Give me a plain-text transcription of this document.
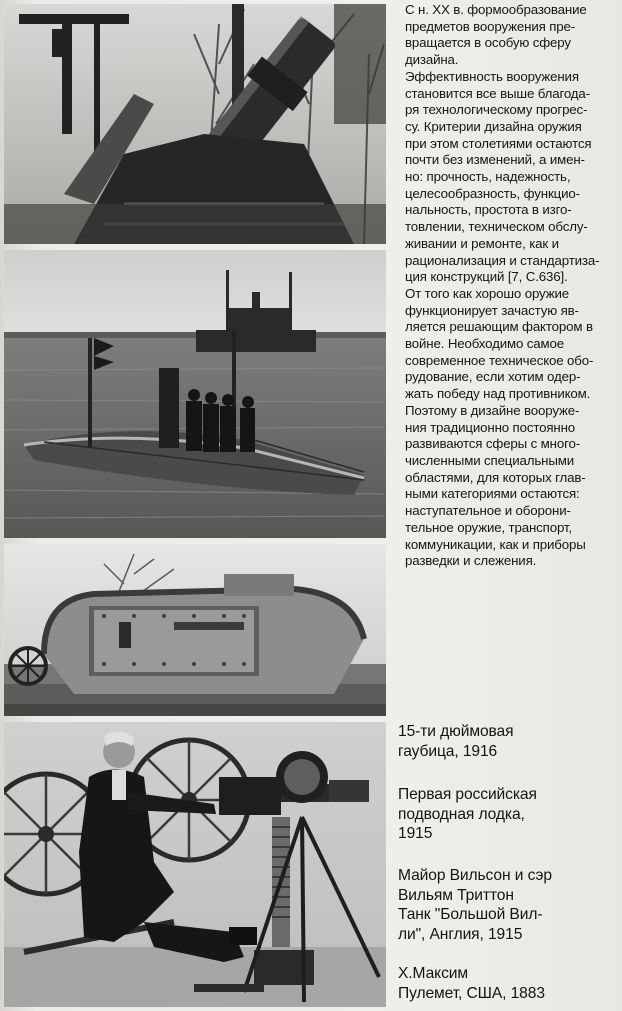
С н. XX в. формообразование
предметов вооружения пре-
вращается в особую сферу
дизайна.
Эффективность вооружения
становится все выше благода-
ря технологическому прогрес-
су. Критерии дизайна оружия
при этом столетиями остаются
почти без изменений, а имен-
но: прочность, надежность,
целесообразность, функцио-
нальность, простота в изго-
товлении, техническом обслу-
живании и ремонте, как и
рационализация и стандартиза-
ция конструкций [7, С.636].
От того как хорошо оружие
функционирует зачастую яв-
ляется решающим фактором в
войне. Необходимо самое
современное техническое обо-
рудование, если хотим одер-
жать победу над противником.
Поэтому в дизайне вооруже-
ния традиционно постоянно
развиваются сферы с много-
численными специальными
областями, для которых глав-
ными категориями остаются:
наступательное и оборони-
тельное оружие, транспорт,
коммуникации, как и приборы
разведки и слежения.
15-ти дюймовая
гаубица, 1916
Первая российская
подводная лодка,
1915
Майор Вильсон и сэр
Вильям Триттон
Танк "Большой Вил-
ли", Англия, 1915
Х.Максим
Пулемет, США, 1883
